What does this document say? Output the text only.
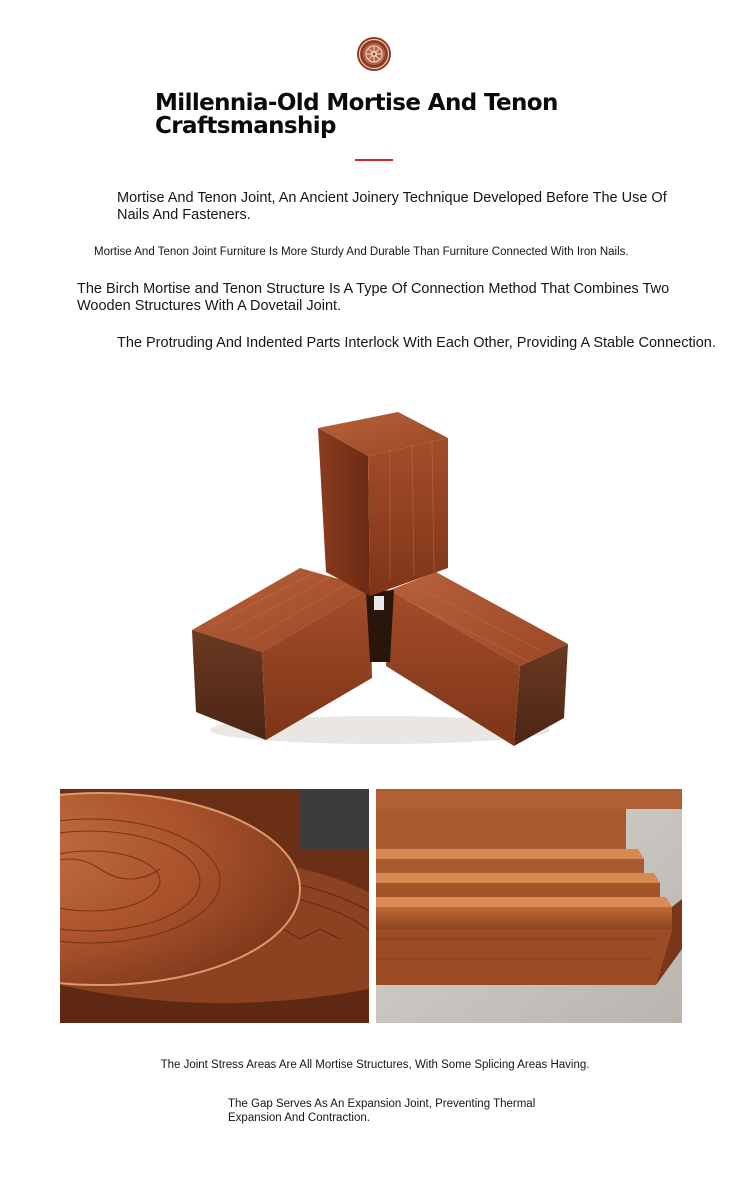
Millennia-Old Mortise And Tenon Craftsmanship

Mortise And Tenon Joint, An Ancient Joinery Technique Developed Before The Use Of Nails And Fasteners.

Mortise And Tenon Joint Furniture Is More Sturdy And Durable Than Furniture Connected With Iron Nails.

The Birch Mortise and Tenon Structure Is A Type Of Connection Method That Combines Two Wooden Structures With A Dovetail Joint.

The Protruding And Indented Parts Interlock With Each Other, Providing A Stable Connection.

The Joint Stress Areas Are All Mortise Structures, With Some Splicing Areas Having.

The Gap Serves As An Expansion Joint, Preventing Thermal Expansion And Contraction.
